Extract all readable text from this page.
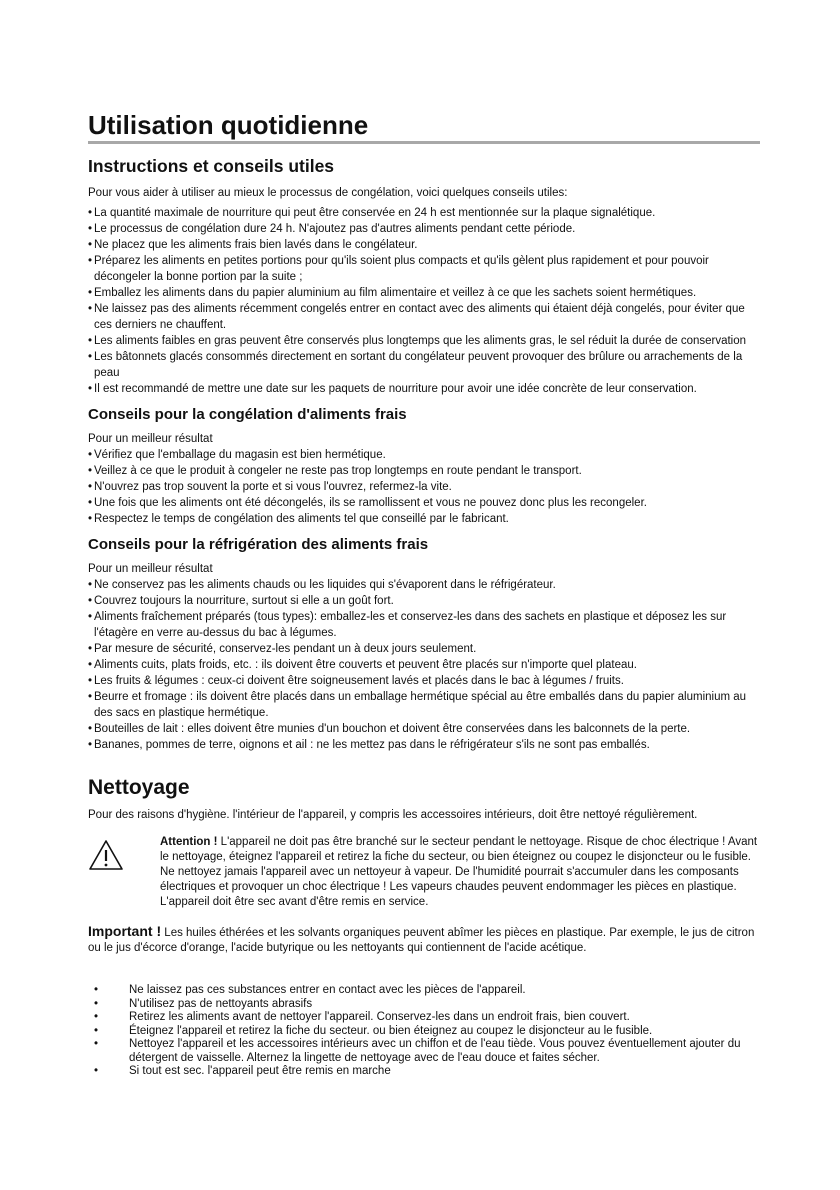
Utilisation quotidienne
Instructions et conseils utiles

Pour vous aider à utiliser au mieux le processus de congélation, voici quelques conseils utiles:

• La quantité maximale de nourriture qui peut être conservée en 24 h est mentionnée sur la plaque signalétique.
• Le processus de congélation dure 24 h. N'ajoutez pas d'autres aliments pendant cette période.
• Ne placez que les aliments frais bien lavés dans le congélateur.
• Préparez les aliments en petites portions pour qu'ils soient plus compacts et qu'ils gèlent plus rapidement et pour pouvoir décongeler la bonne portion par la suite ;
• Emballez les aliments dans du papier aluminium au film alimentaire et veillez à ce que les sachets soient hermétiques.
• Ne laissez pas des aliments récemment congelés entrer en contact avec des aliments qui étaient déjà congelés, pour éviter que ces derniers ne chauffent.
• Les aliments faibles en gras peuvent être conservés plus longtemps que les aliments gras, le sel réduit la durée de conservation
• Les bâtonnets glacés consommés directement en sortant du congélateur peuvent provoquer des brûlure ou arrachements de la peau
• Il est recommandé de mettre une date sur les paquets de nourriture pour avoir une idée concrète de leur conservation.
Conseils pour la congélation d'aliments frais

Pour un meilleur résultat

• Vérifiez que l'emballage du magasin est bien hermétique.
• Veillez à ce que le produit à congeler ne reste pas trop longtemps en route pendant le transport.
• N'ouvrez pas trop souvent la porte et si vous l'ouvrez, refermez-la vite.
• Une fois que les aliments ont été décongelés, ils se ramollissent et vous ne pouvez donc plus les recongeler.
• Respectez le temps de congélation des aliments tel que conseillé par le fabricant.
Conseils pour la réfrigération des aliments frais

Pour un meilleur résultat

• Ne conservez pas les aliments chauds ou les liquides qui s'évaporent dans le réfrigérateur.
• Couvrez toujours la nourriture, surtout si elle a un goût fort.
• Aliments fraîchement préparés (tous types): emballez-les et conservez-les dans des sachets en plastique et déposez les sur l'étagère en verre au-dessus du bac à légumes.
• Par mesure de sécurité, conservez-les pendant un à deux jours seulement.
• Aliments cuits, plats froids, etc. : ils doivent être couverts et peuvent être placés sur n'importe quel plateau.
• Les fruits & légumes : ceux-ci doivent être soigneusement lavés et placés dans le bac à légumes / fruits.
• Beurre et fromage : ils doivent être placés dans un emballage hermétique spécial au être emballés dans du papier aluminium au des sacs en plastique hermétique.
• Bouteilles de lait : elles doivent être munies d'un bouchon et doivent être conservées dans les balconnets de la perte.
• Bananes, pommes de terre, oignons et ail : ne les mettez pas dans le réfrigérateur s'ils ne sont pas emballés.
Nettoyage

Pour des raisons d'hygiène. l'intérieur de l'appareil, y compris les accessoires intérieurs, doit être nettoyé régulièrement.

Attention ! L'appareil ne doit pas être branché sur le secteur pendant le nettoyage. Risque de choc électrique ! Avant le nettoyage, éteignez l'appareil et retirez la fiche du secteur, ou bien éteignez ou coupez le disjoncteur ou le fusible. Ne nettoyez jamais l'appareil avec un nettoyeur à vapeur. De l'humidité pourrait s'accumuler dans les composants électriques et provoquer un choc électrique ! Les vapeurs chaudes peuvent endommager les pièces en plastique. L'appareil doit être sec avant d'être remis en service.

Important ! Les huiles éthérées et les solvants organiques peuvent abîmer les pièces en plastique. Par exemple, le jus de citron ou le jus d'écorce d'orange, l'acide butyrique ou les nettoyants qui contiennent de l'acide acétique.

• Ne laissez pas ces substances entrer en contact avec les pièces de l'appareil.
• N'utilisez pas de nettoyants abrasifs
• Retirez les aliments avant de nettoyer l'appareil. Conservez-les dans un endroit frais, bien couvert.
• Éteignez l'appareil et retirez la fiche du secteur. ou bien éteignez au coupez le disjoncteur au le fusible.
• Nettoyez l'appareil et les accessoires intérieurs avec un chiffon et de l'eau tiède. Vous pouvez éventuellement ajouter du détergent de vaisselle. Alternez la lingette de nettoyage avec de l'eau douce et faites sécher.
• Si tout est sec. l'appareil peut être remis en marche
